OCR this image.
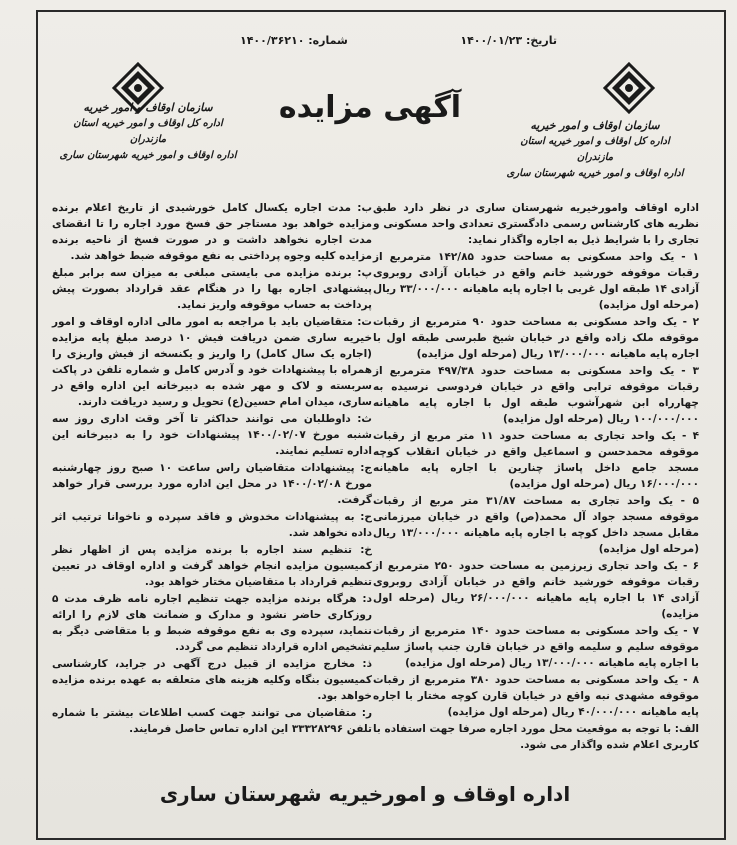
تاریخ: ۱۴۰۰/۰۱/۲۳
شماره: ۱۴۰۰/۳۶۲۱۰
سازمان اوقاف و امور خیریه
اداره کل اوقاف و امور خیریه استان مازندران
اداره اوقاف و امور خیریه شهرستان ساری
سازمان اوقاف و امور خیریه
اداره کل اوقاف و امور خیریه استان مازندران
اداره اوقاف و امور خیریه شهرستان ساری
آگهی مزایده

اداره اوقاف وامورخیریه شهرستان ساری در نظر دارد طبق نظریه های کارشناس رسمی دادگستری تعدادی واحد مسکونی و تجاری را با شرایط ذیل به اجاره واگذار نماید:

۱ - یک واحد مسکونی به مساحت حدود ۱۴۲/۸۵ مترمربع از رقبات موقوفه خورشید خانم واقع در خیابان آزادی روبروی آزادی ۱۴ طبقه اول غربی با اجاره پایه ماهیانه ۳۳/۰۰۰/۰۰۰ ریال (مرحله اول مزایده)

۲ - یک واحد مسکونی به مساحت حدود ۹۰ مترمربع از رقبات موقوفه ملک زاده واقع در خیابان شیخ طبرسی طبقه اول با اجاره پایه ماهیانه ۱۳/۰۰۰/۰۰۰ ریال (مرحله اول مزایده)

۳ - یک واحد مسکونی به مساحت حدود ۴۹۷/۳۸ مترمربع از رقبات موقوفه ترابی واقع در خیابان فردوسی نرسیده به چهارراه ابن شهرآشوب طبقه اول با اجاره پایه ماهیانه ۱۰۰/۰۰۰/۰۰۰ ریال (مرحله اول مزایده)

۴ - یک واحد تجاری به مساحت حدود ۱۱ متر مربع از رقبات موقوفه محمدحسن و اسماعیل واقع در خیابان انقلاب کوچه مسجد جامع داخل پاساژ چنارین با اجاره پایه ماهیانه ۱۶/۰۰۰/۰۰۰ ریال (مرحله اول مزایده)

۵ - یک واحد تجاری به مساحت ۳۱/۸۷ متر مربع از رقبات موقوفه مسجد جواد آل محمد(ص) واقع در خیابان میرزمانی مقابل مسجد داخل کوچه با اجاره پایه ماهیانه ۱۳/۰۰۰/۰۰۰ ریال (مرحله اول مزایده)

۶ - یک واحد تجاری زیرزمین به مساحت حدود ۲۵۰ مترمربع از رقبات موقوفه خورشید خانم واقع در خیابان آزادی روبروی آزادی ۱۴ با اجاره پایه ماهیانه ۲۶/۰۰۰/۰۰۰ ریال (مرحله اول مزایده)

۷ - یک واحد مسکونی به مساحت حدود ۱۴۰ مترمربع از رقبات موقوفه سلیم و سلیمه واقع در خیابان قارن جنب پاساژ سلیم با اجاره پایه ماهیانه ۱۳/۰۰۰/۰۰۰ ریال (مرحله اول مزایده)

۸ - یک واحد مسکونی به مساحت حدود ۳۸۰ مترمربع از رقبات موقوفه مشهدی نبه واقع در خیابان قارن کوچه مختار با اجاره پایه ماهیانه ۴۰/۰۰۰/۰۰۰ ریال (مرحله اول مزایده)

الف: با توجه به موقعیت محل مورد اجاره صرفا جهت استفاده با کاربری اعلام شده واگذار می شود.

ب: مدت اجاره یکسال کامل خورشیدی از تاریخ اعلام برنده مزایده خواهد بود مستاجر حق فسخ مورد اجاره را تا انقضای مدت اجاره نخواهد داشت و در صورت فسخ از ناحیه برنده مزایده کلیه وجوه پرداختی به نفع موقوفه ضبط خواهد شد.

پ: برنده مزایده می بایستی مبلغی به میزان سه برابر مبلغ پیشنهادی اجاره بها را در هنگام عقد قرارداد بصورت پیش پرداخت به حساب موقوفه واریز نماید.

ت: متقاضیان باید با مراجعه به امور مالی اداره اوقاف و امور خیریه ساری ضمن دریافت فیش ۱۰ درصد مبلغ پایه مزایده (اجاره یک سال کامل) را واریز و یکنسخه از فیش واریزی را همراه با پیشنهادات خود و آدرس کامل و شماره تلفن در پاکت سربسته و لاک و مهر شده به دبیرخانه این اداره واقع در ساری، میدان امام حسین(ع) تحویل و رسید دریافت دارند.

ث: داوطلبان می توانند حداکثر تا آخر وقت اداری روز سه شنبه مورخ ۱۴۰۰/۰۲/۰۷ پیشنهادات خود را به دبیرخانه این اداره تسلیم نمایند.

ج: پیشنهادات متقاضیان راس ساعت ۱۰ صبح روز چهارشنبه مورخ ۱۴۰۰/۰۲/۰۸ در محل این اداره مورد بررسی قرار خواهد گرفت.

ح: به پیشنهادات مخدوش و فاقد سپرده و ناخوانا ترتیب اثر داده نخواهد شد.

خ: تنظیم سند اجاره با برنده مزایده پس از اظهار نظر کمیسیون مزایده انجام خواهد گرفت و اداره اوقاف در تعیین تنظیم قرارداد با متقاضیان مختار خواهد بود.

د: هرگاه برنده مزایده جهت تنظیم اجاره نامه ظرف مدت ۵ روزکاری حاضر نشود و مدارک و ضمانت های لازم را ارائه ننماید، سپرده وی به نفع موقوفه ضبط و با متقاضی دیگر به تشخیص اداره قرارداد تنظیم می گردد.

ذ: مخارج مزایده از قبیل درج آگهی در جراید، کارشناسی کمیسیون بنگاه وکلیه هزینه های متعلقه به عهده برنده مزایده خواهد بود.

ر: متقاضیان می توانند جهت کسب اطلاعات بیشتر با شماره تلفن ۳۳۳۲۸۲۹۶ این اداره تماس حاصل فرمایند.

اداره اوقاف و امورخیریه شهرستان ساری
